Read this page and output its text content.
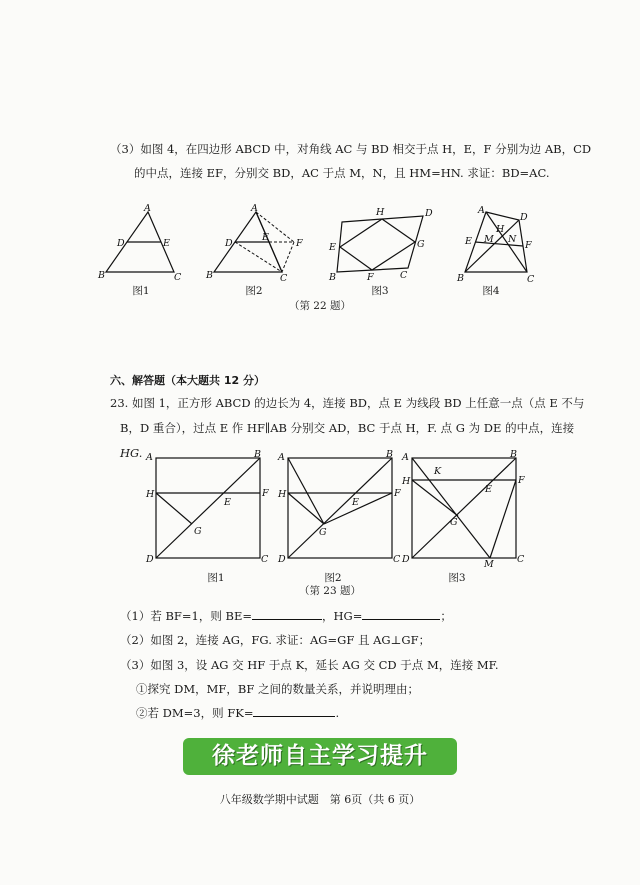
（3）如图 4，在四边形 ABCD 中，对角线 AC 与 BD 相交于点 H，E，F 分别为边 AB，CD
的中点，连接 EF，分别交 BD，AC 于点 M，N，且 HM=HN. 求证：BD=AC.
A
D	E
B	C
图1
A
E
D	F
B	C
图2
H	D
E	G
B	F	C
图3
A
D
H
E M N
F
B	C
图4
（第 22 题）
六、解答题（本大题共 12 分）
23. 如图 1，正方形 ABCD 的边长为 4，连接 BD，点 E 为线段 BD 上任意一点（点 E 不与
B，D 重合），过点 E 作 HF∥AB 分别交 AD，BC 于点 H，F. 点 G 为 DE 的中点，连接
HG. A	B
H
E
F
G
D	C
图1
A	B
H
E
F
G
D	C
图2
A	B
K
H
E
F
G
D	M C
图3
（第 23 题）
（1）若 BF=1，则 BE=	，HG=	；
（2）如图 2，连接 AG，FG. 求证：AG=GF 且 AG⊥GF；
（3）如图 3，设 AG 交 HF 于点 K，延长 AG 交 CD 于点 M，连接 MF.
①探究 DM，MF，BF 之间的数量关系，并说明理由；
②若 DM=3，则 FK=	.
徐老师自主学习提升
八年级数学期中试题　第 6页（共 6 页）
